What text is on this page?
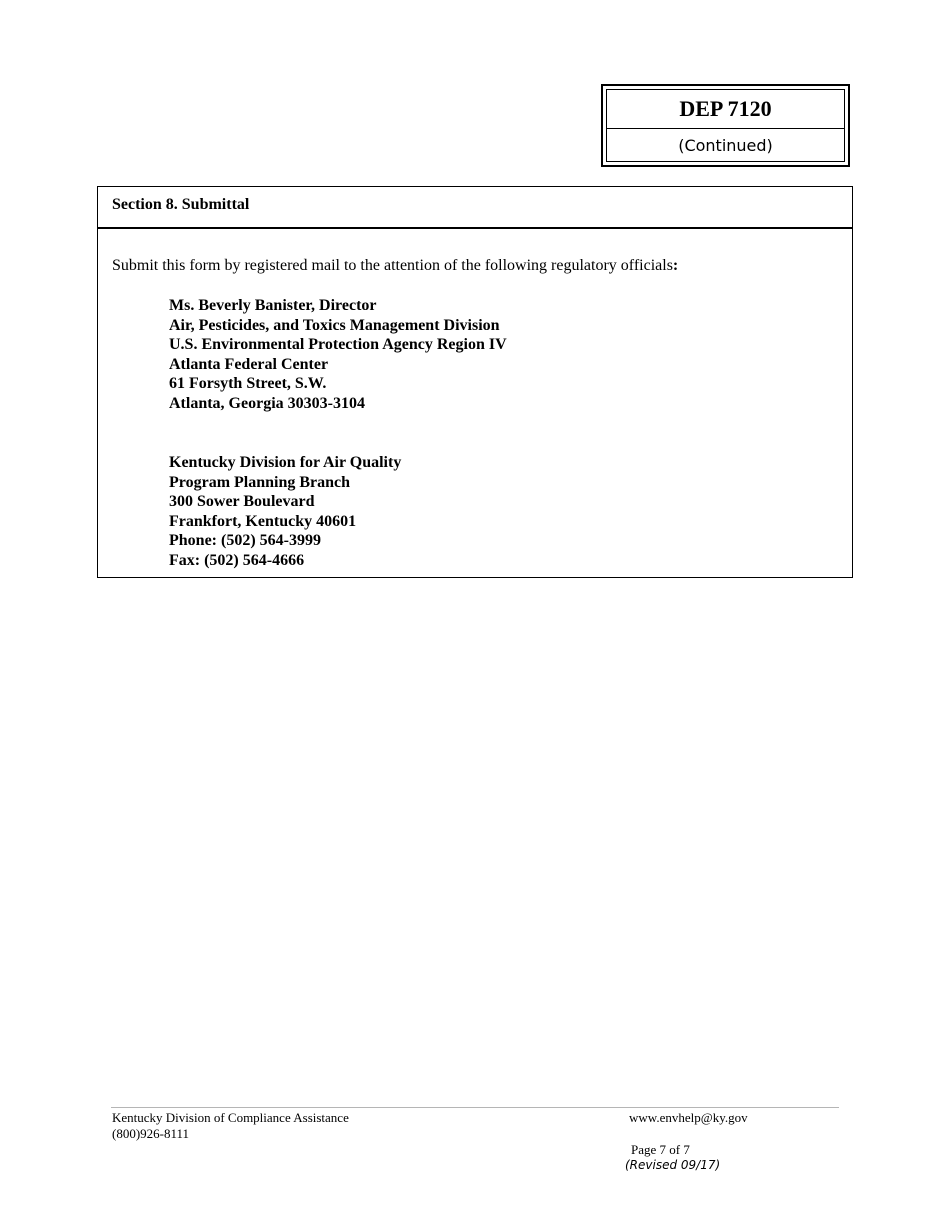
DEP 7120
(Continued)
Section 8. Submittal
Submit this form by registered mail to the attention of the following regulatory officials:
Ms. Beverly Banister, Director
Air, Pesticides, and Toxics Management Division
U.S. Environmental Protection Agency Region IV
Atlanta Federal Center
61 Forsyth Street, S.W.
Atlanta, Georgia 30303-3104
Kentucky Division for Air Quality
Program Planning Branch
300 Sower Boulevard
Frankfort, Kentucky 40601
Phone: (502) 564-3999
Fax: (502) 564-4666
Kentucky Division of Compliance Assistance
(800)926-8111
www.envhelp@ky.gov
Page 7 of 7
(Revised 09/17)
